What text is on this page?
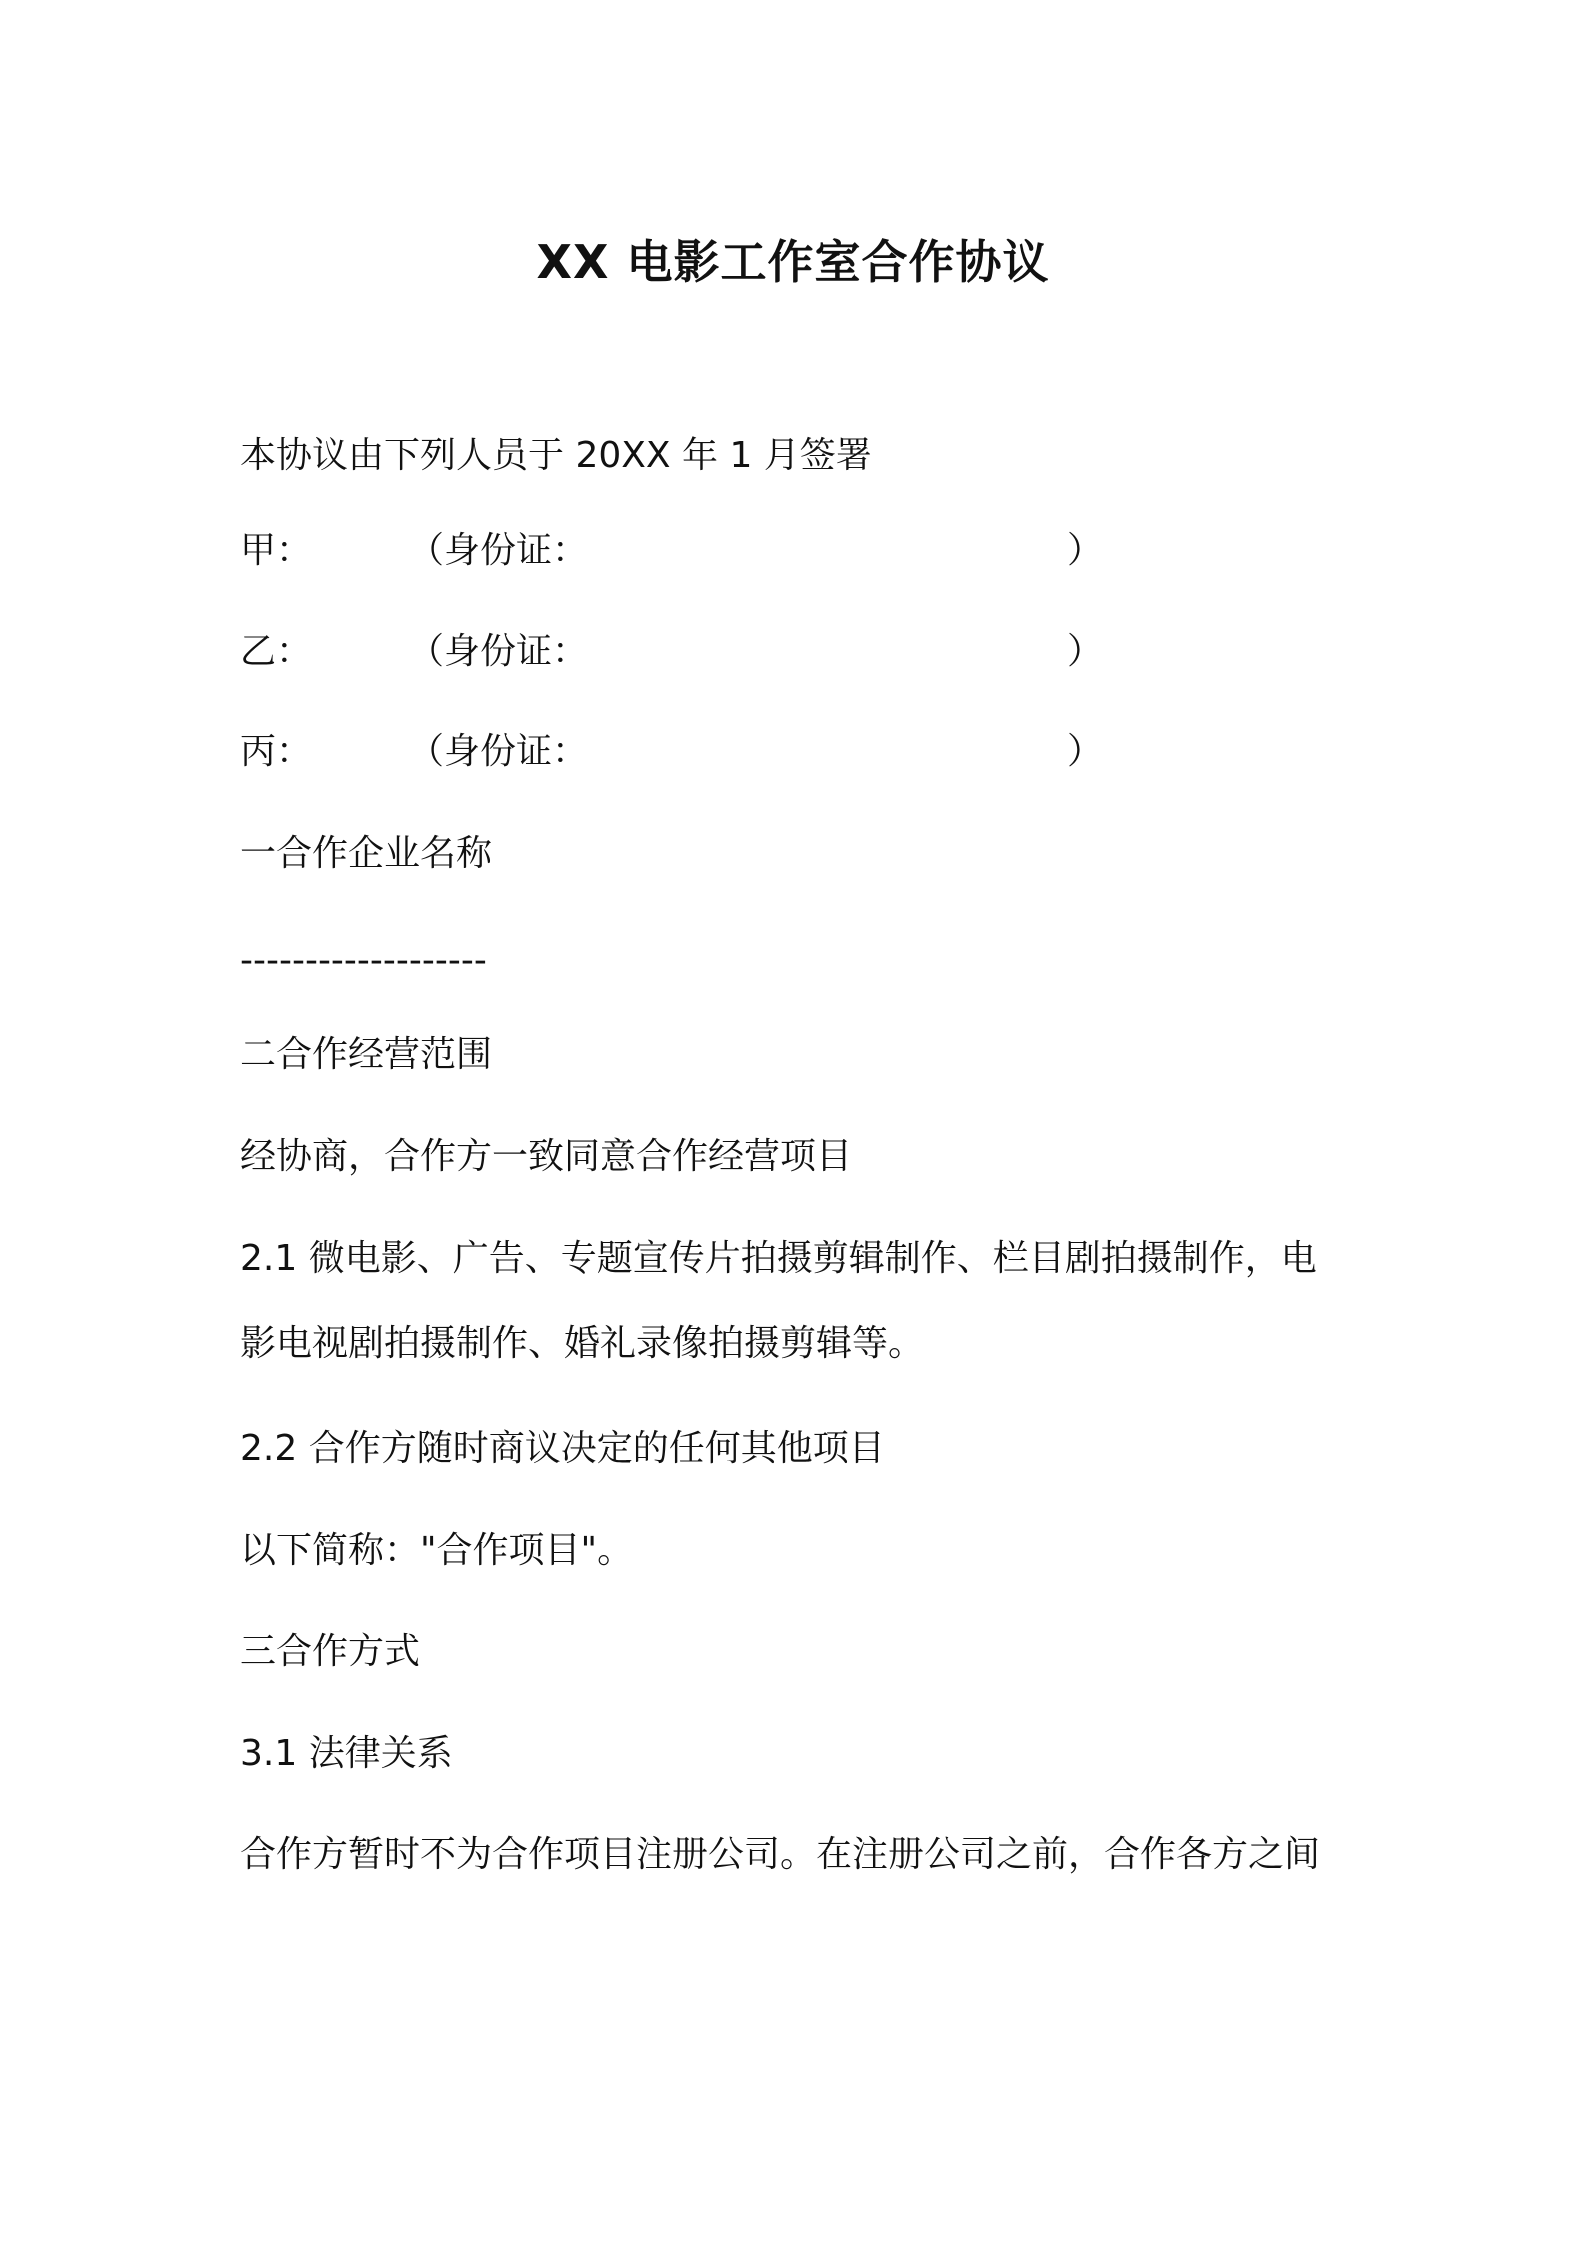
XX 电影工作室合作协议
本协议由下列人员于 20XX 年 1 月签署
甲：	（身份证：	）
乙：	（身份证：	）
丙：	（身份证：	）
一合作企业名称
-------------------
二合作经营范围
经协商，合作方一致同意合作经营项目
2.1 微电影、广告、专题宣传片拍摄剪辑制作、栏目剧拍摄制作，电
影电视剧拍摄制作、婚礼录像拍摄剪辑等。
2.2 合作方随时商议决定的任何其他项目
以下简称："合作项目"。
三合作方式
3.1 法律关系
合作方暂时不为合作项目注册公司。在注册公司之前，合作各方之间
